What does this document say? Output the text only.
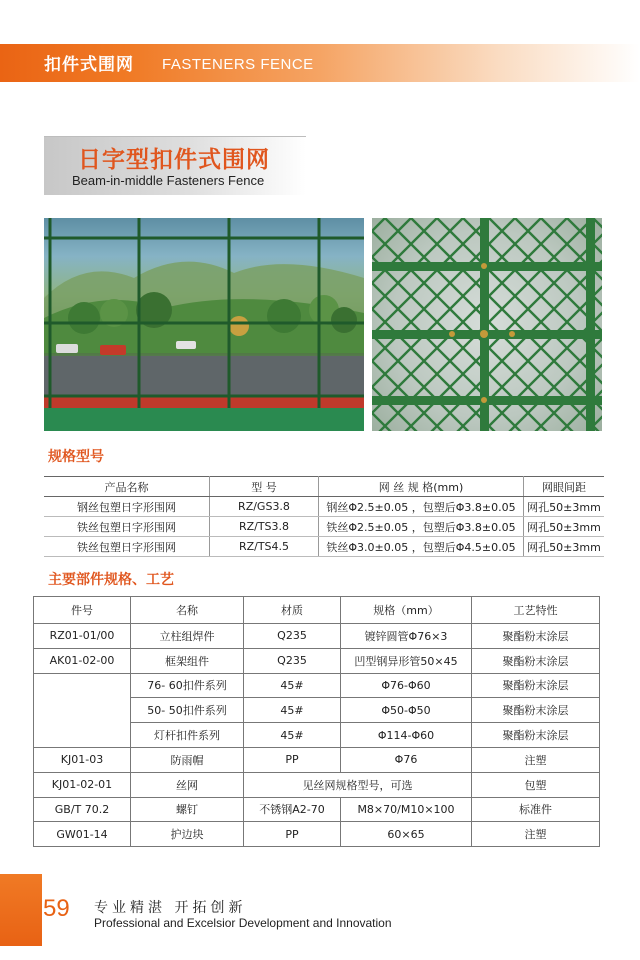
扣件式围网 FASTENERS FENCE
日字型扣件式围网
Beam-in-middle Fasteners Fence
规格型号
产品名称	型 号	网 丝 规 格(mm)	网眼间距
钢丝包塑日字形围网	RZ/GS3.8	钢丝Φ2.5±0.05 ，包塑后Φ3.8±0.05	网孔50±3mm
铁丝包塑日字形围网	RZ/TS3.8	铁丝Φ2.5±0.05 ，包塑后Φ3.8±0.05	网孔50±3mm
铁丝包塑日字形围网	RZ/TS4.5	铁丝Φ3.0±0.05 ，包塑后Φ4.5±0.05	网孔50±3mm
主要部件规格、工艺
件号	名称	材质	规格（mm）	工艺特性
RZ01-01/00	立柱组焊件	Q235	镀锌圆管Φ76×3	聚酯粉末涂层
AK01-02-00	框架组件	Q235	凹型钢异形管50×45	聚酯粉末涂层
	76- 60扣件系列	45#	Φ76-Φ60	聚酯粉末涂层
	50- 50扣件系列	45#	Φ50-Φ50	聚酯粉末涂层
	灯杆扣件系列	45#	Φ114-Φ60	聚酯粉末涂层
KJ01-03	防雨帽	PP	Φ76	注塑
KJ01-02-01	丝网	见丝网规格型号，可选		包塑
GB/T 70.2	螺钉	不锈钢A2-70	M8×70/M10×100	标准件
GW01-14	护边块	PP	60×65	注塑
59 专业精湛 开拓创新
Professional and Excelsior Development and Innovation
